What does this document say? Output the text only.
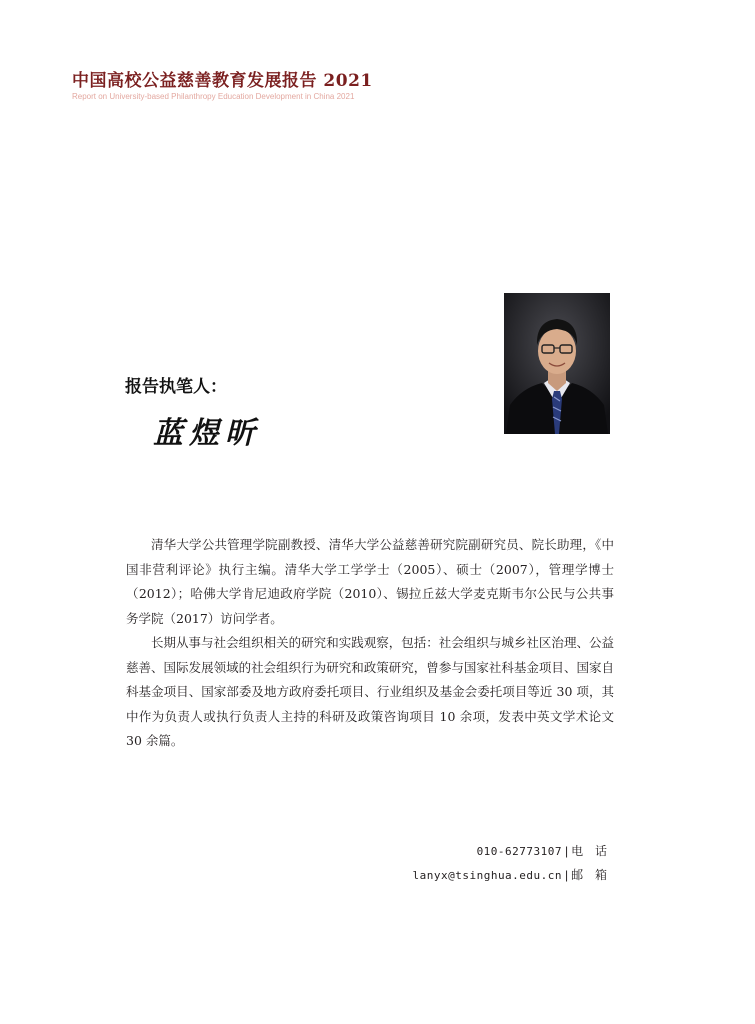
中国高校公益慈善教育发展报告 2021
Report on University-based Philanthropy Education Development in China 2021
报告执笔人：
蓝煜昕

清华大学公共管理学院副教授、清华大学公益慈善研究院副研究员、院长助理，《中国非营利评论》执行主编。清华大学工学学士（2005）、硕士（2007），管理学博士（2012）；哈佛大学肯尼迪政府学院（2010）、锡拉丘兹大学麦克斯韦尔公民与公共事务学院（2017）访问学者。

长期从事与社会组织相关的研究和实践观察，包括：社会组织与城乡社区治理、公益慈善、国际发展领域的社会组织行为研究和政策研究，曾参与国家社科基金项目、国家自科基金项目、国家部委及地方政府委托项目、行业组织及基金会委托项目等近 30 项，其中作为负责人或执行负责人主持的科研及政策咨询项目 10 余项，发表中英文学术论文 30 余篇。

010-62773107 | 电 话
lanyx@tsinghua.edu.cn | 邮 箱
